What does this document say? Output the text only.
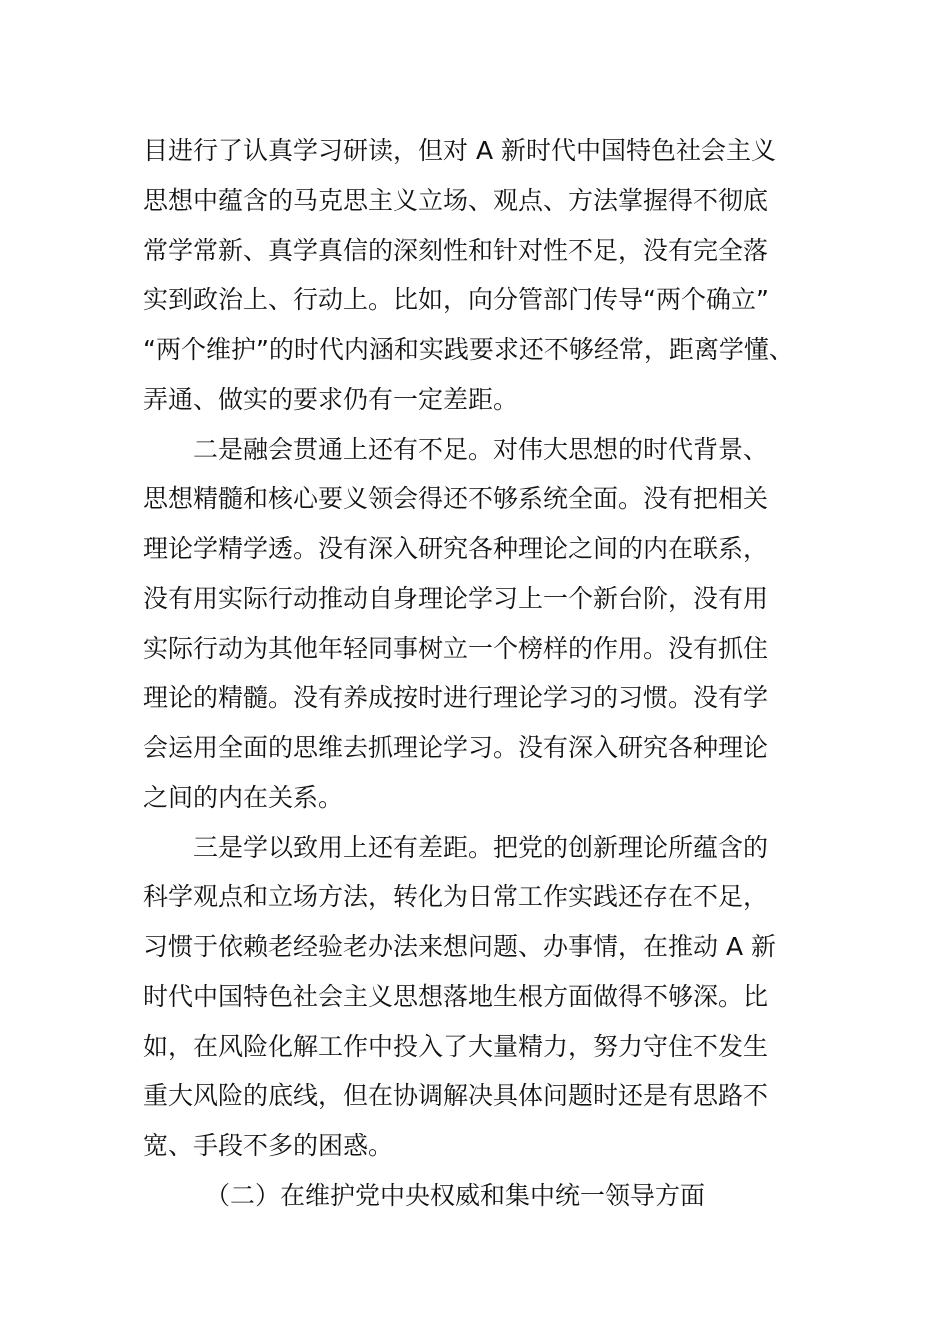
目进行了认真学习研读，但对 A 新时代中国特色社会主义
思想中蕴含的马克思主义立场、观点、方法掌握得不彻底
常学常新、真学真信的深刻性和针对性不足，没有完全落
实到政治上、行动上。比如，向分管部门传导“两个确立”
“两个维护”的时代内涵和实践要求还不够经常，距离学懂、
弄通、做实的要求仍有一定差距。
二是融会贯通上还有不足。对伟大思想的时代背景、
思想精髓和核心要义领会得还不够系统全面。没有把相关
理论学精学透。没有深入研究各种理论之间的内在联系，
没有用实际行动推动自身理论学习上一个新台阶，没有用
实际行动为其他年轻同事树立一个榜样的作用。没有抓住
理论的精髓。没有养成按时进行理论学习的习惯。没有学
会运用全面的思维去抓理论学习。没有深入研究各种理论
之间的内在关系。
三是学以致用上还有差距。把党的创新理论所蕴含的
科学观点和立场方法，转化为日常工作实践还存在不足，
习惯于依赖老经验老办法来想问题、办事情，在推动 A 新
时代中国特色社会主义思想落地生根方面做得不够深。比
如，在风险化解工作中投入了大量精力，努力守住不发生
重大风险的底线，但在协调解决具体问题时还是有思路不
宽、手段不多的困惑。
（二）在维护党中央权威和集中统一领导方面
